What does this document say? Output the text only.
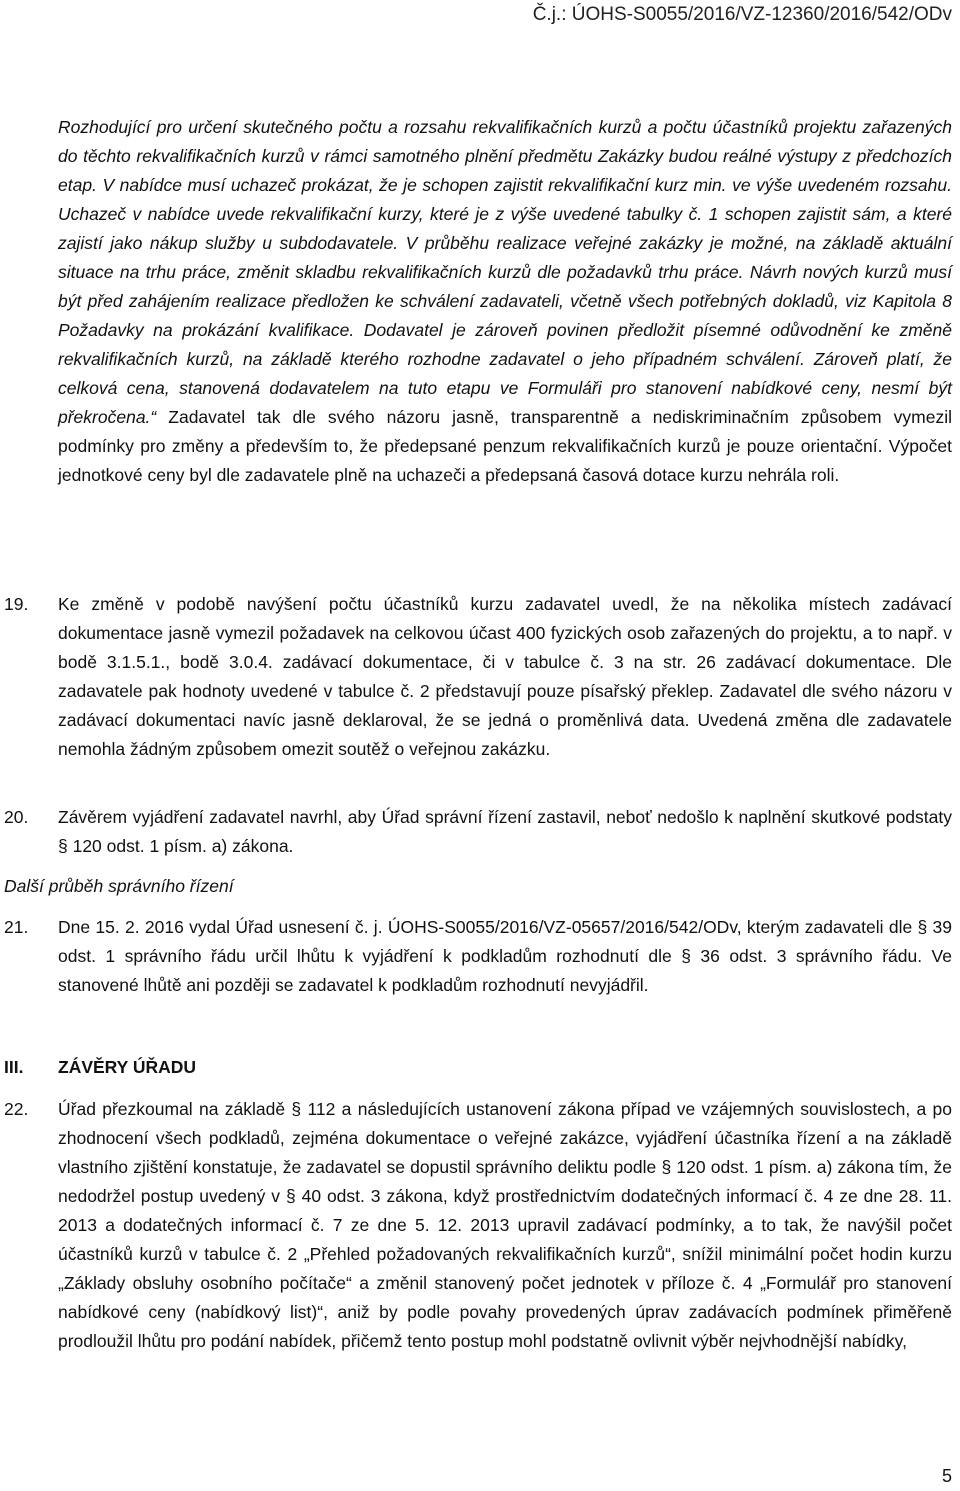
Č.j.: ÚOHS-S0055/2016/VZ-12360/2016/542/ODv

Rozhodující pro určení skutečného počtu a rozsahu rekvalifikačních kurzů a počtu účastníků projektu zařazených do těchto rekvalifikačních kurzů v rámci samotného plnění předmětu Zakázky budou reálné výstupy z předchozích etap. V nabídce musí uchazeč prokázat, že je schopen zajistit rekvalifikační kurz min. ve výše uvedeném rozsahu. Uchazeč v nabídce uvede rekvalifikační kurzy, které je z výše uvedené tabulky č. 1 schopen zajistit sám, a které zajistí jako nákup služby u subdodavatele. V průběhu realizace veřejné zakázky je možné, na základě aktuální situace na trhu práce, změnit skladbu rekvalifikačních kurzů dle požadavků trhu práce. Návrh nových kurzů musí být před zahájením realizace předložen ke schválení zadavateli, včetně všech potřebných dokladů, viz Kapitola 8 Požadavky na prokázání kvalifikace. Dodavatel je zároveň povinen předložit písemné odůvodnění ke změně rekvalifikačních kurzů, na základě kterého rozhodne zadavatel o jeho případném schválení. Zároveň platí, že celková cena, stanovená dodavatelem na tuto etapu ve Formuláři pro stanovení nabídkové ceny, nesmí být překročena.“ Zadavatel tak dle svého názoru jasně, transparentně a nediskriminačním způsobem vymezil podmínky pro změny a především to, že předepsané penzum rekvalifikačních kurzů je pouze orientační. Výpočet jednotkové ceny byl dle zadavatele plně na uchazeči a předepsaná časová dotace kurzu nehrála roli.

19. Ke změně v podobě navýšení počtu účastníků kurzu zadavatel uvedl, že na několika místech zadávací dokumentace jasně vymezil požadavek na celkovou účast 400 fyzických osob zařazených do projektu, a to např. v bodě 3.1.5.1., bodě 3.0.4. zadávací dokumentace, či v tabulce č. 3 na str. 26 zadávací dokumentace. Dle zadavatele pak hodnoty uvedené v tabulce č. 2 představují pouze písařský překlep. Zadavatel dle svého názoru v zadávací dokumentaci navíc jasně deklaroval, že se jedná o proměnlivá data. Uvedená změna dle zadavatele nemohla žádným způsobem omezit soutěž o veřejnou zakázku.

20. Závěrem vyjádření zadavatel navrhl, aby Úřad správní řízení zastavil, neboť nedošlo k naplnění skutkové podstaty § 120 odst. 1 písm. a) zákona.

Další průběh správního řízení
21. Dne 15. 2. 2016 vydal Úřad usnesení č. j. ÚOHS-S0055/2016/VZ-05657/2016/542/ODv, kterým zadavateli dle § 39 odst. 1 správního řádu určil lhůtu k vyjádření k podkladům rozhodnutí dle § 36 odst. 3 správního řádu. Ve stanovené lhůtě ani později se zadavatel k podkladům rozhodnutí nevyjádřil.

III. ZÁVĚRY ÚŘADU
22. Úřad přezkoumal na základě § 112 a následujících ustanovení zákona případ ve vzájemných souvislostech, a po zhodnocení všech podkladů, zejména dokumentace o veřejné zakázce, vyjádření účastníka řízení a na základě vlastního zjištění konstatuje, že zadavatel se dopustil správního deliktu podle § 120 odst. 1 písm. a) zákona tím, že nedodržel postup uvedený v § 40 odst. 3 zákona, když prostřednictvím dodatečných informací č. 4 ze dne 28. 11. 2013 a dodatečných informací č. 7 ze dne 5. 12. 2013 upravil zadávací podmínky, a to tak, že navýšil počet účastníků kurzů v tabulce č. 2 „Přehled požadovaných rekvalifikačních kurzů“, snížil minimální počet hodin kurzu „Základy obsluhy osobního počítače“ a změnil stanovený počet jednotek v příloze č. 4 „Formulář pro stanovení nabídkové ceny (nabídkový list)“, aniž by podle povahy provedených úprav zadávacích podmínek přiměřeně prodloužil lhůtu pro podání nabídek, přičemž tento postup mohl podstatně ovlivnit výběr nejvhodnější nabídky,

5
